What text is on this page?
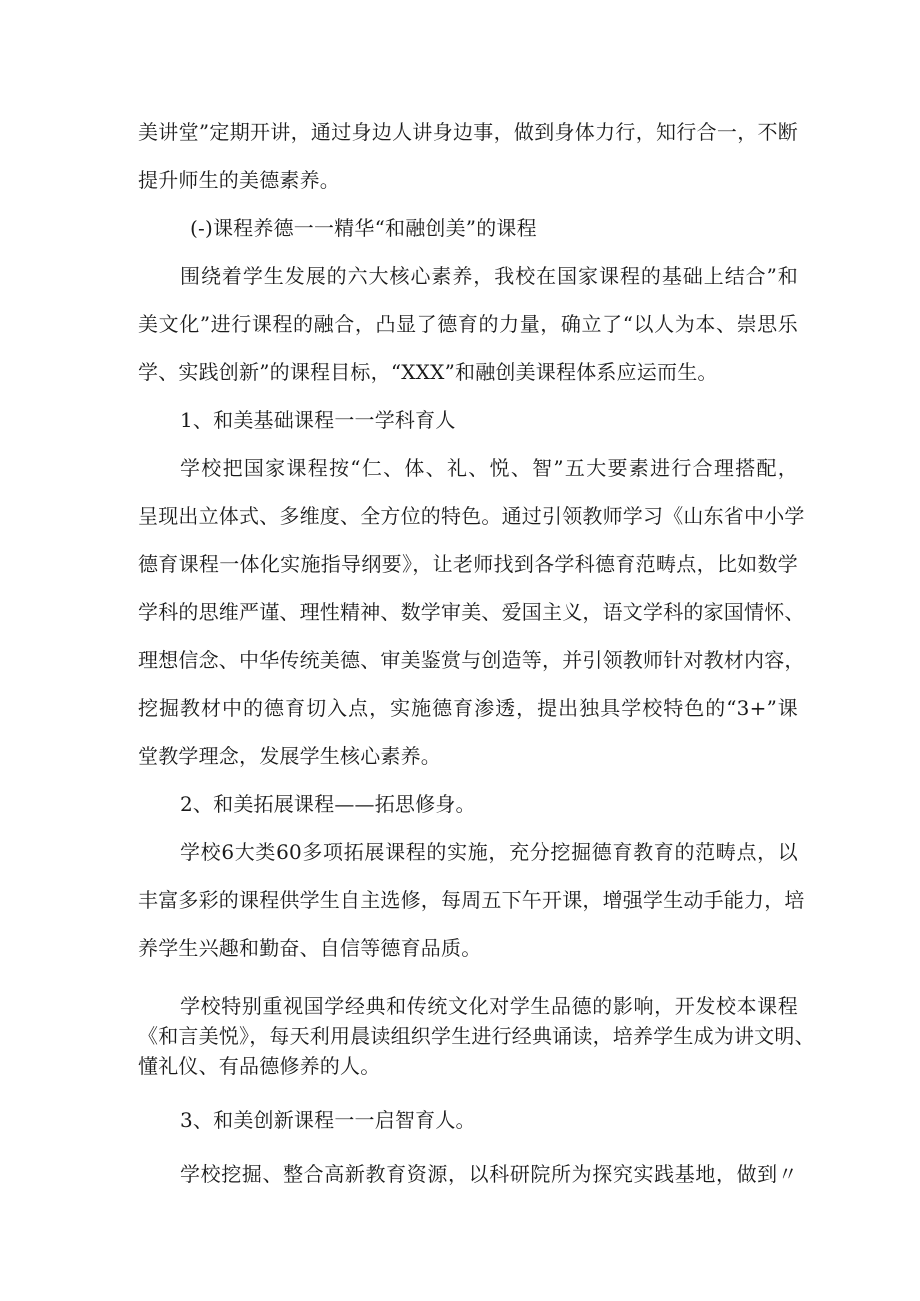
美讲堂”定期开讲，通过身边人讲身边事，做到身体力行，知行合一，不断
提升师生的美德素养。
(-)课程养德一一精华“和融创美”的课程
围绕着学生发展的六大核心素养，我校在国家课程的基础上结合”和
美文化”进行课程的融合，凸显了德育的力量，确立了“以人为本、崇思乐
学、实践创新”的课程目标，“XXX”和融创美课程体系应运而生。
1、和美基础课程一一学科育人
学校把国家课程按“仁、体、礼、悦、智”五大要素进行合理搭配，
呈现出立体式、多维度、全方位的特色。通过引领教师学习《山东省中小学
德育课程一体化实施指导纲要》，让老师找到各学科德育范畴点，比如数学
学科的思维严谨、理性精神、数学审美、爱国主义，语文学科的家国情怀、
理想信念、中华传统美德、审美鉴赏与创造等，并引领教师针对教材内容，
挖掘教材中的德育切入点，实施德育渗透，提出独具学校特色的“3+”课
堂教学理念，发展学生核心素养。
2、和美拓展课程——拓思修身。
学校6大类60多项拓展课程的实施，充分挖掘德育教育的范畴点，以
丰富多彩的课程供学生自主选修，每周五下午开课，增强学生动手能力，培
养学生兴趣和勤奋、自信等德育品质。
学校特别重视国学经典和传统文化对学生品德的影响，开发校本课程
《和言美悦》，每天利用晨读组织学生进行经典诵读，培养学生成为讲文明、
懂礼仪、有品德修养的人。
3、和美创新课程一一启智育人。
学校挖掘、整合高新教育资源，以科研院所为探究实践基地，做到〃
